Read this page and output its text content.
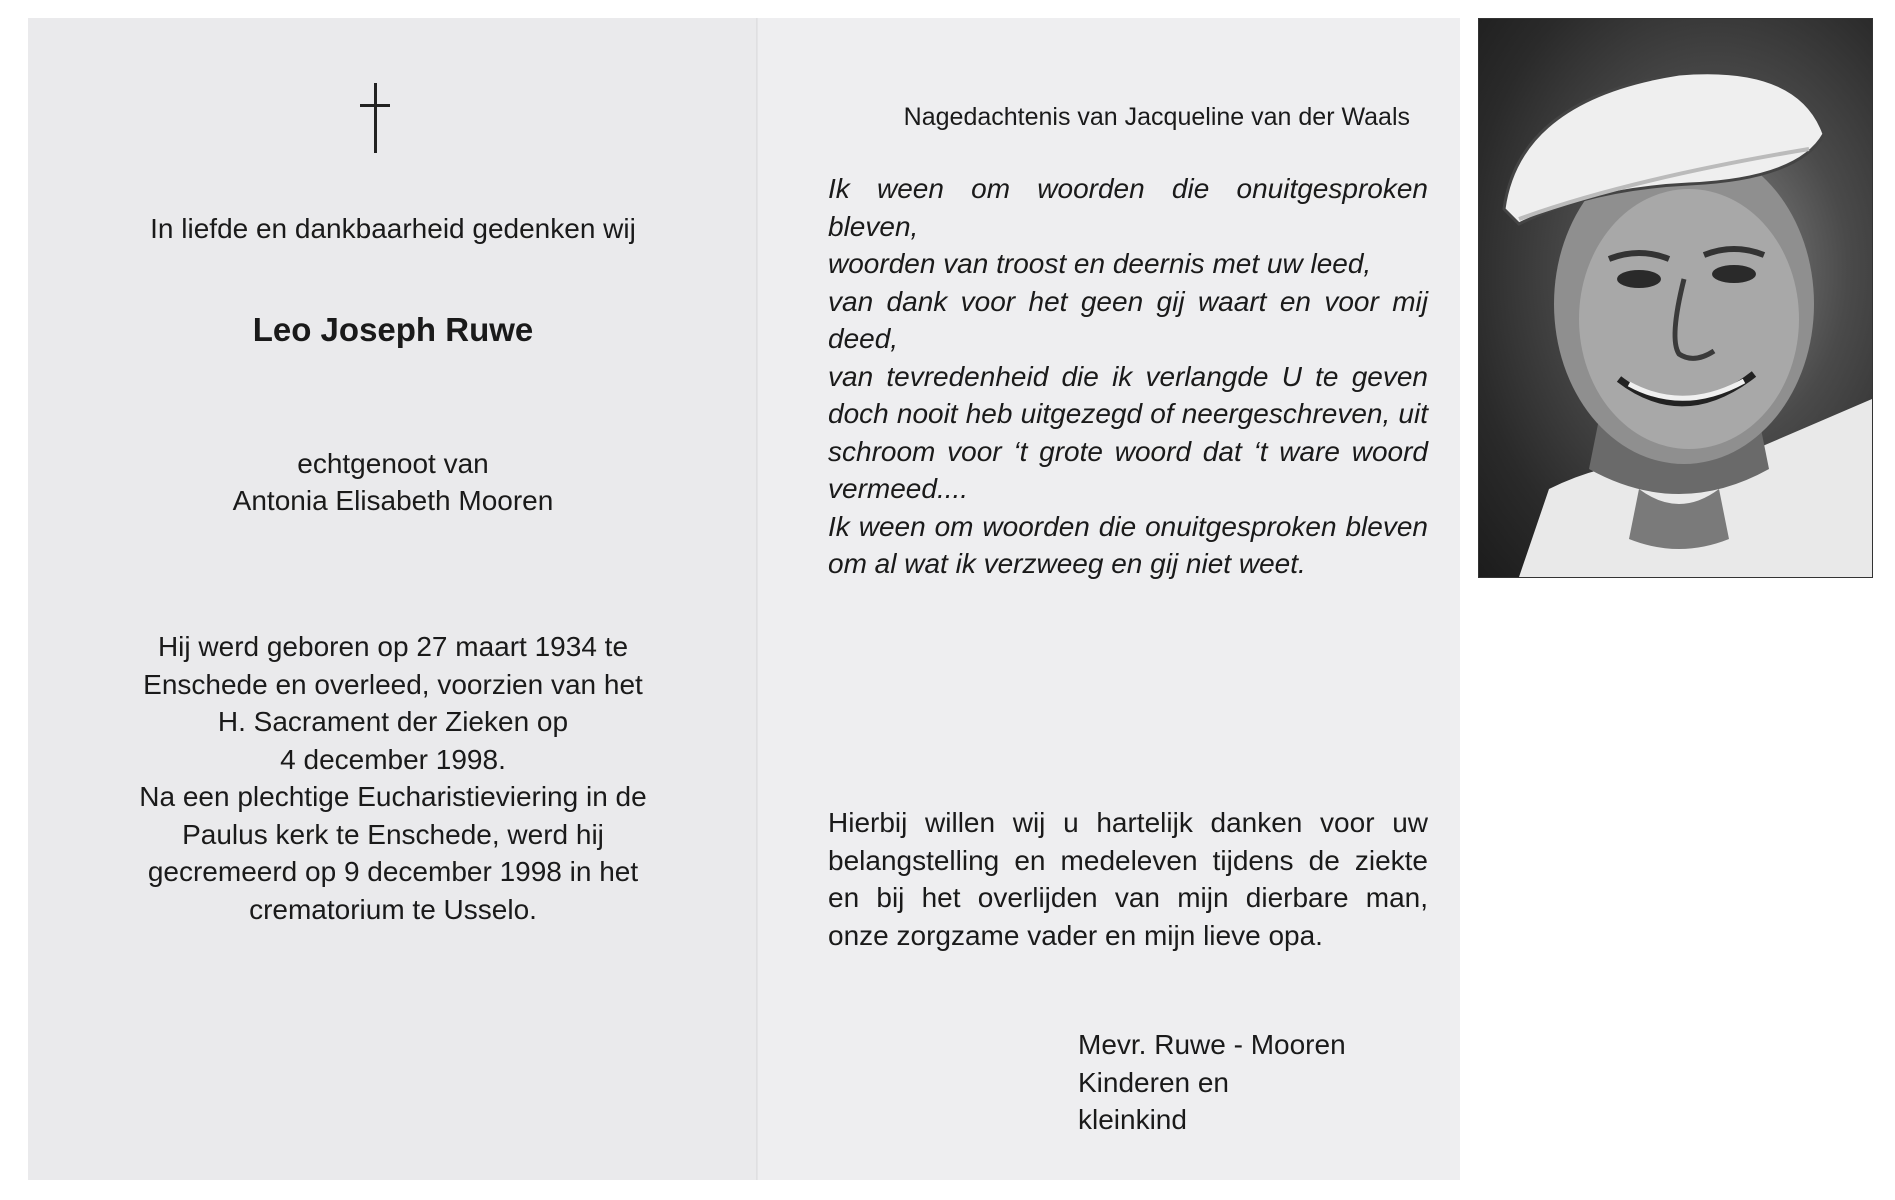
In liefde en dankbaarheid gedenken wij
Leo Joseph Ruwe
echtgenoot van
Antonia Elisabeth Mooren
Hij werd geboren op 27 maart 1934 te
Enschede en overleed, voorzien van het
H. Sacrament der Zieken op
4 december 1998.
Na een plechtige Eucharistieviering in de
Paulus kerk te Enschede, werd hij
gecremeerd op 9 december 1998 in het
crematorium te Usselo.
Nagedachtenis van Jacqueline van der Waals
Ik ween om woorden die onuitgesproken bleven,
woorden van troost en deernis met uw leed,
van dank voor het geen gij waart en voor mij deed,
van tevredenheid die ik verlangde U te geven doch nooit heb uitgezegd of neergeschreven, uit schroom voor ‘t grote woord dat ‘t ware woord vermeed....
Ik ween om woorden die onuitgesproken bleven om al wat ik verzweeg en gij niet weet.
Hierbij willen wij u hartelijk danken voor uw belangstelling en medeleven tijdens de ziekte en bij het overlijden van mijn dierbare man, onze zorgzame vader en mijn lieve opa.
Mevr. Ruwe - Mooren
Kinderen en
kleinkind
